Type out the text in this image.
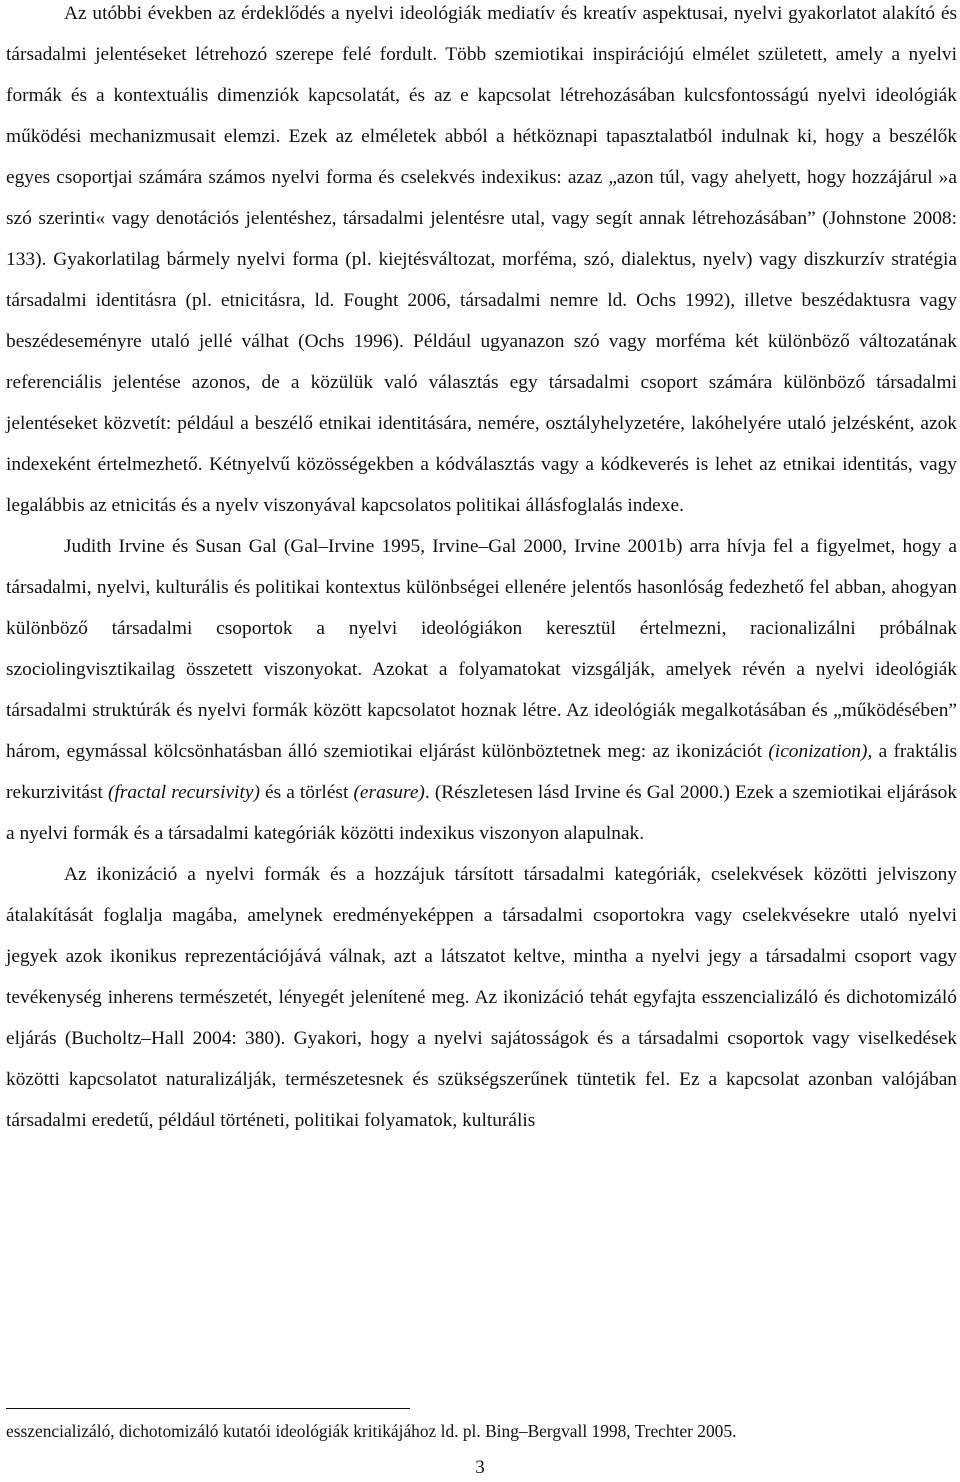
Az utóbbi években az érdeklődés a nyelvi ideológiák mediatív és kreatív aspektusai, nyelvi gyakorlatot alakító és társadalmi jelentéseket létrehozó szerepe felé fordult. Több szemiotikai inspirációjú elmélet született, amely a nyelvi formák és a kontextuális dimenziók kapcsolatát, és az e kapcsolat létrehozásában kulcsfontosságú nyelvi ideológiák működési mechanizmusait elemzi. Ezek az elméletek abból a hétköznapi tapasztalatból indulnak ki, hogy a beszélők egyes csoportjai számára számos nyelvi forma és cselekvés indexikus: azaz „azon túl, vagy ahelyett, hogy hozzájárul »a szó szerinti« vagy denotációs jelentéshez, társadalmi jelentésre utal, vagy segít annak létrehozásában” (Johnstone 2008: 133). Gyakorlatilag bármely nyelvi forma (pl. kiejtésváltozat, morféma, szó, dialektus, nyelv) vagy diszkurzív stratégia társadalmi identitásra (pl. etnicitásra, ld. Fought 2006, társadalmi nemre ld. Ochs 1992), illetve beszédaktusra vagy beszédeseményre utaló jellé válhat (Ochs 1996). Például ugyanazon szó vagy morféma két különböző változatának referenciális jelentése azonos, de a közülük való választás egy társadalmi csoport számára különböző társadalmi jelentéseket közvetít: például a beszélő etnikai identitására, nemére, osztályhelyzetére, lakóhelyére utaló jelzésként, azok indexeként értelmezhető. Kétnyelvű közösségekben a kódválasztás vagy a kódkeverés is lehet az etnikai identitás, vagy legalábbis az etnicitás és a nyelv viszonyával kapcsolatos politikai állásfoglalás indexe.

Judith Irvine és Susan Gal (Gal–Irvine 1995, Irvine–Gal 2000, Irvine 2001b) arra hívja fel a figyelmet, hogy a társadalmi, nyelvi, kulturális és politikai kontextus különbségei ellenére jelentős hasonlóság fedezhető fel abban, ahogyan különböző társadalmi csoportok a nyelvi ideológiákon keresztül értelmezni, racionalizálni próbálnak szociolingvisztikailag összetett viszonyokat. Azokat a folyamatokat vizsgálják, amelyek révén a nyelvi ideológiák társadalmi struktúrák és nyelvi formák között kapcsolatot hoznak létre. Az ideológiák megalkotásában és „működésében” három, egymással kölcsönhatásban álló szemiotikai eljárást különböztetnek meg: az ikonizációt (iconization), a fraktális rekurzivitást (fractal recursivity) és a törlést (erasure). (Részletesen lásd Irvine és Gal 2000.) Ezek a szemiotikai eljárások a nyelvi formák és a társadalmi kategóriák közötti indexikus viszonyon alapulnak.

Az ikonizáció a nyelvi formák és a hozzájuk társított társadalmi kategóriák, cselekvések közötti jelviszony átalakítását foglalja magába, amelynek eredményeképpen a társadalmi csoportokra vagy cselekvésekre utaló nyelvi jegyek azok ikonikus reprezentációjává válnak, azt a látszatot keltve, mintha a nyelvi jegy a társadalmi csoport vagy tevékenység inherens természetét, lényegét jelenítené meg. Az ikonizáció tehát egyfajta esszencializáló és dichotomizáló eljárás (Bucholtz–Hall 2004: 380). Gyakori, hogy a nyelvi sajátosságok és a társadalmi csoportok vagy viselkedések közötti kapcsolatot naturalizálják, természetesnek és szükségszerűnek tüntetik fel. Ez a kapcsolat azonban valójában társadalmi eredetű, például történeti, politikai folyamatok, kulturális

esszencializáló, dichotomizáló kutatói ideológiák kritikájához ld. pl. Bing–Bergvall 1998, Trechter 2005.

3
